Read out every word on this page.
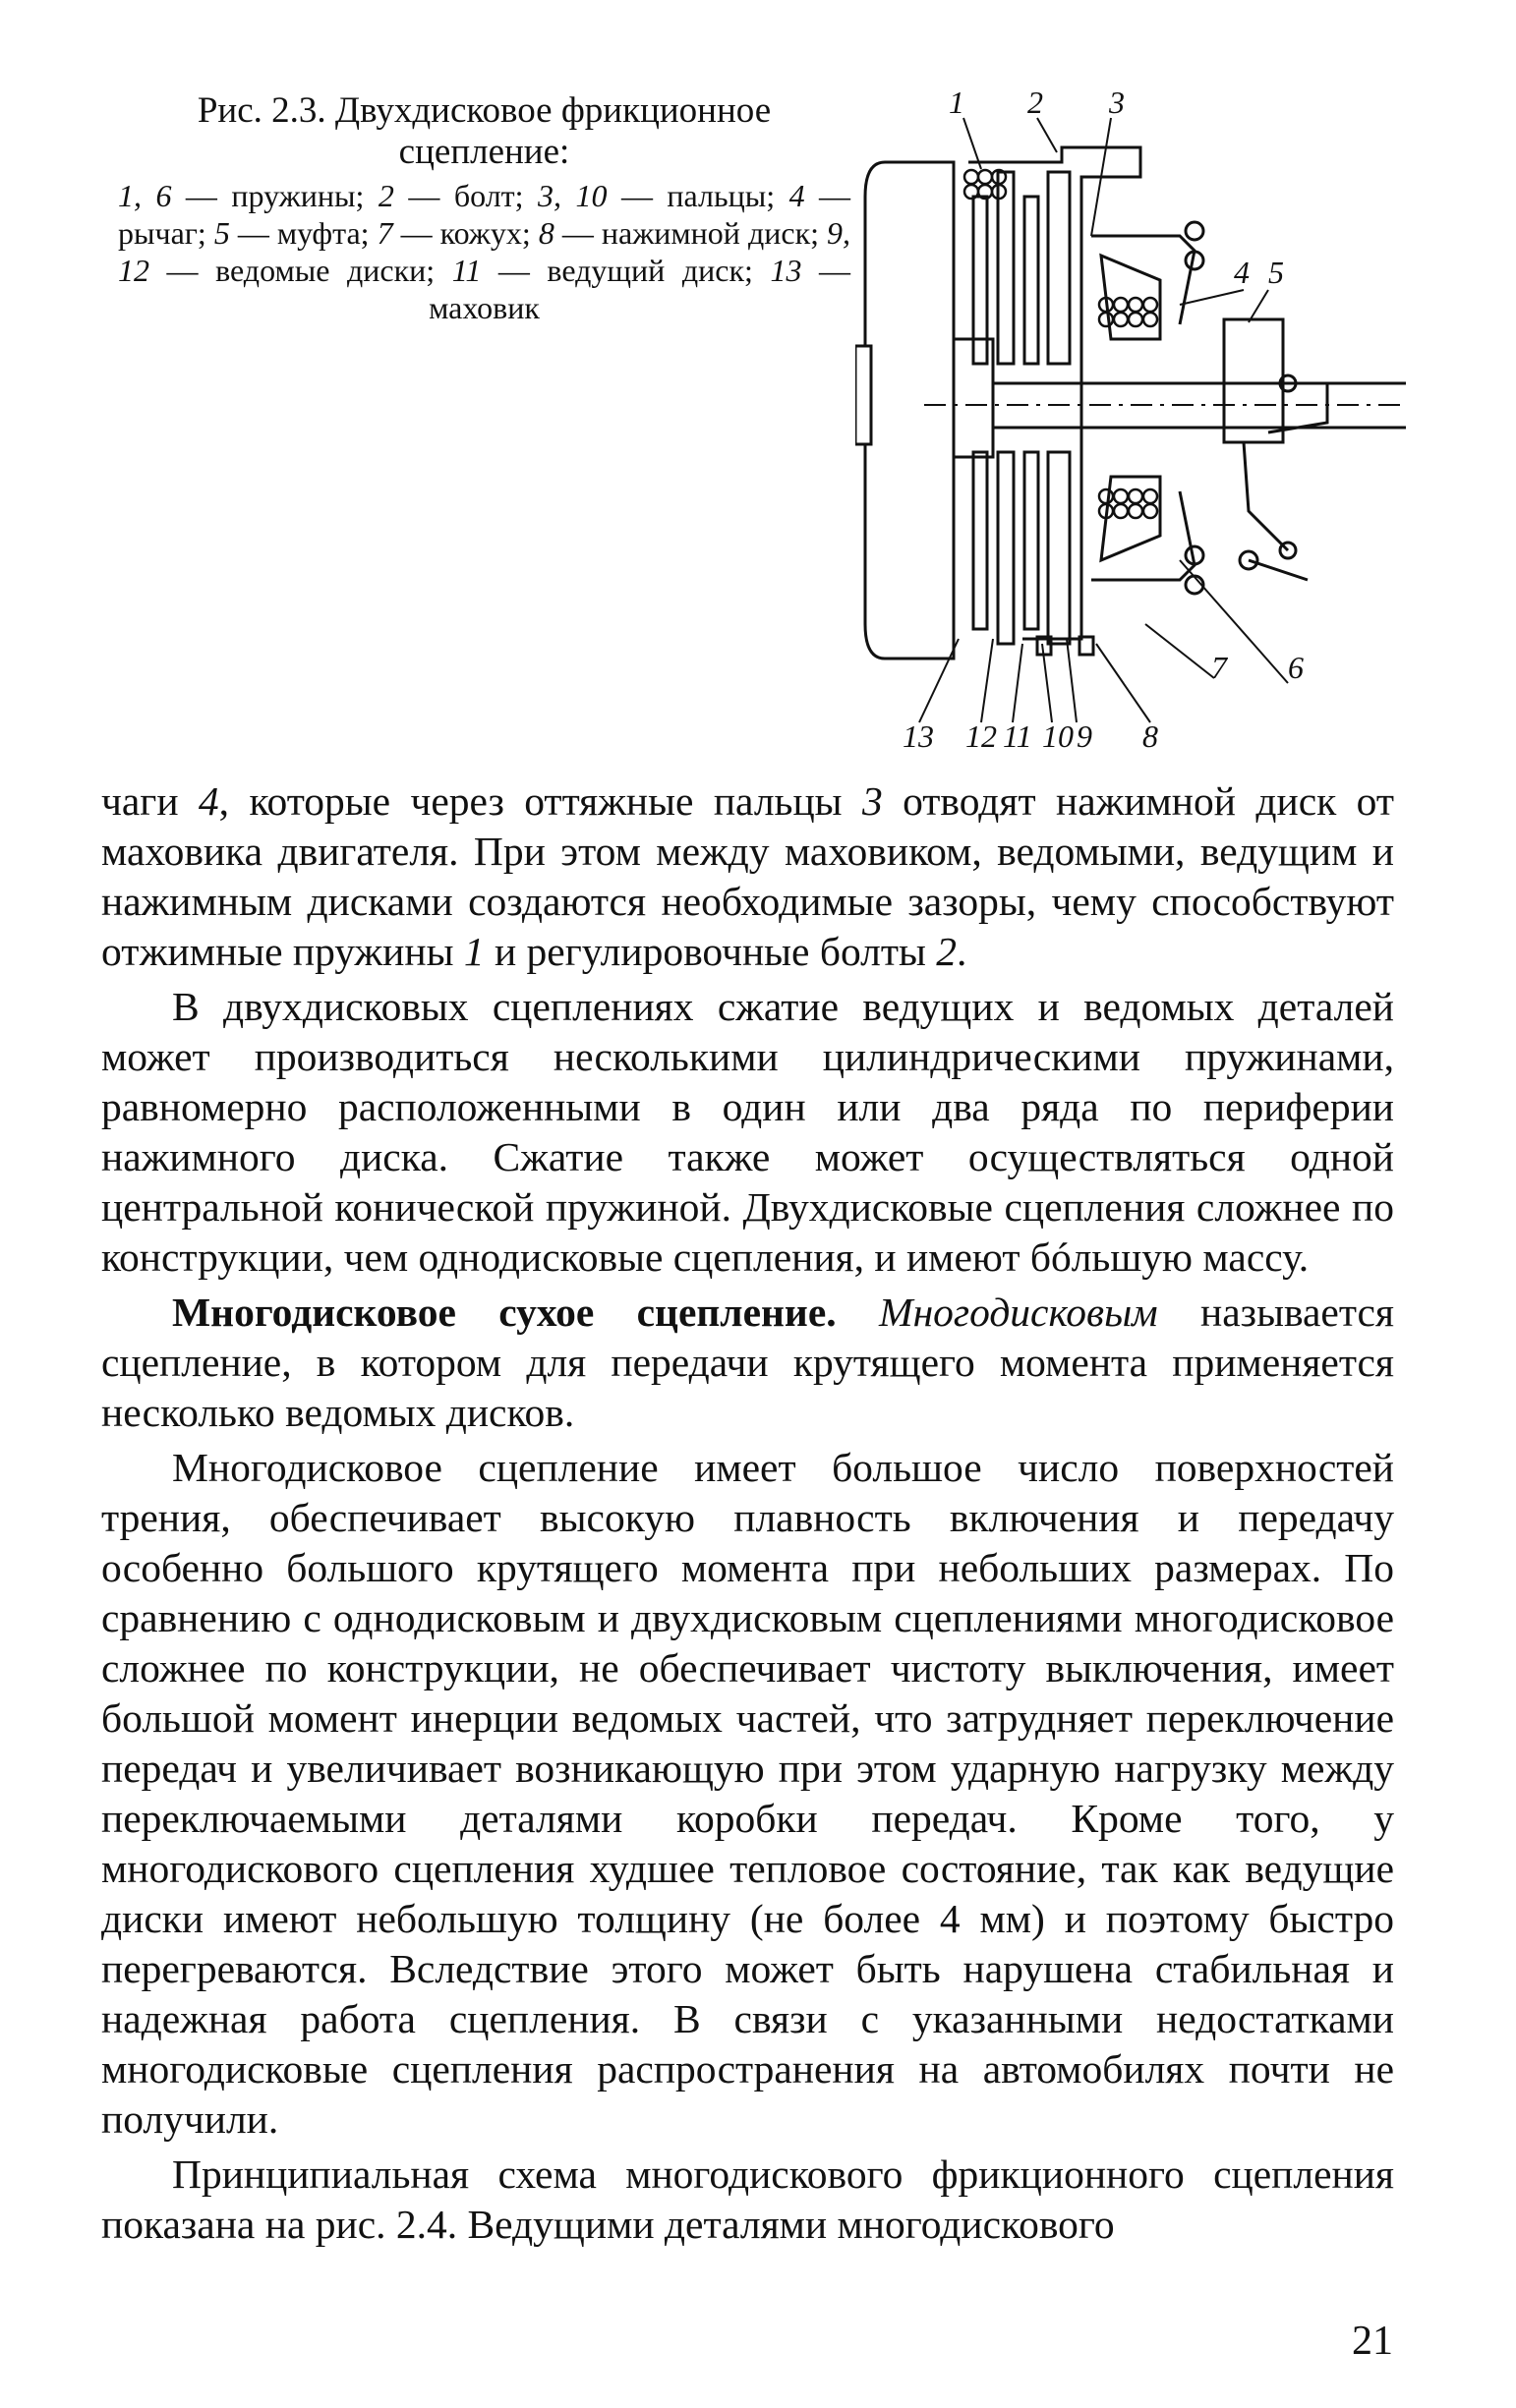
Рис. 2.3. Двухдисковое фрикционное сцепление:

1, 6 — пружины; 2 — болт; 3, 10 — пальцы; 4 — рычаг; 5 — муфта; 7 — кожух; 8 — нажимной диск; 9, 12 — ведомые диски; 11 — ведущий диск; 13 — маховик

1 2 3
4 5
7 6
13 12 11 10 9 8

чаги 4, которые через оттяжные пальцы 3 отводят нажимной диск от маховика двигателя. При этом между маховиком, ведомыми, ведущим и нажимным дисками создаются необходимые зазоры, чему способствуют отжимные пружины 1 и регулировочные болты 2.

В двухдисковых сцеплениях сжатие ведущих и ведомых деталей может производиться несколькими цилиндрическими пружинами, равномерно расположенными в один или два ряда по периферии нажимного диска. Сжатие также может осуществляться одной центральной конической пружиной. Двухдисковые сцепления сложнее по конструкции, чем однодисковые сцепления, и имеют бóльшую массу.

Многодисковое сухое сцепление. Многодисковым называется сцепление, в котором для передачи крутящего момента применяется несколько ведомых дисков.

Многодисковое сцепление имеет большое число поверхностей трения, обеспечивает высокую плавность включения и передачу особенно большого крутящего момента при небольших размерах. По сравнению с однодисковым и двухдисковым сцеплениями многодисковое сложнее по конструкции, не обеспечивает чистоту выключения, имеет большой момент инерции ведомых частей, что затрудняет переключение передач и увеличивает возникающую при этом ударную нагрузку между переключаемыми деталями коробки передач. Кроме того, у многодискового сцепления худшее тепловое состояние, так как ведущие диски имеют небольшую толщину (не более 4 мм) и поэтому быстро перегреваются. Вследствие этого может быть нарушена стабильная и надежная работа сцепления. В связи с указанными недостатками многодисковые сцепления распространения на автомобилях почти не получили.

Принципиальная схема многодискового фрикционного сцепления показана на рис. 2.4. Ведущими деталями многодискового

21
